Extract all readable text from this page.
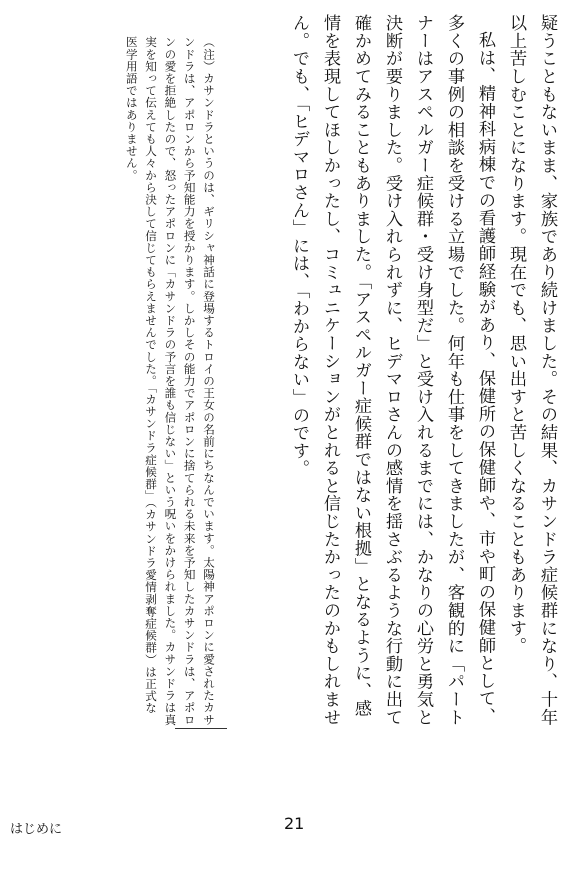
疑うこともないまま、家族であり続けました。その結果、カサンドラ症候群になり、十年以上苦しむことになります。現在でも、思い出すと苦しくなることもあります。

私は、精神科病棟での看護師経験があり、保健所の保健師や、市や町の保健師として、多くの事例の相談を受ける立場でした。何年も仕事をしてきましたが、客観的に「パートナーはアスペルガー症候群・受け身型だ」と受け入れるまでには、かなりの心労と勇気と決断が要りました。受け入れられずに、ヒデマロさんの感情を揺さぶるような行動に出て確かめてみることもありました。「アスペルガー症候群ではない根拠」となるように、感情を表現してほしかったし、コミュニケーションがとれると信じたかったのかもしれません。でも、「ヒデマロさん」には、「わからない」のです。

（注）カサンドラというのは、ギリシャ神話に登場するトロイの王女の名前にちなんでいます。太陽神アポロンに愛されたカサンドラは、アポロンから予知能力を授かります。しかしその能力でアポロンに捨てられる未来を予知したカサンドラは、アポロンの愛を拒絶したので、怒ったアポロンに「カサンドラの予言を誰も信じない」という呪いをかけられました。カサンドラは真実を知って伝えても人々から決して信じてもらえませんでした。「カサンドラ症候群」（カサンドラ愛情剥奪症候群）は正式な医学用語ではありません。
はじめに	21
